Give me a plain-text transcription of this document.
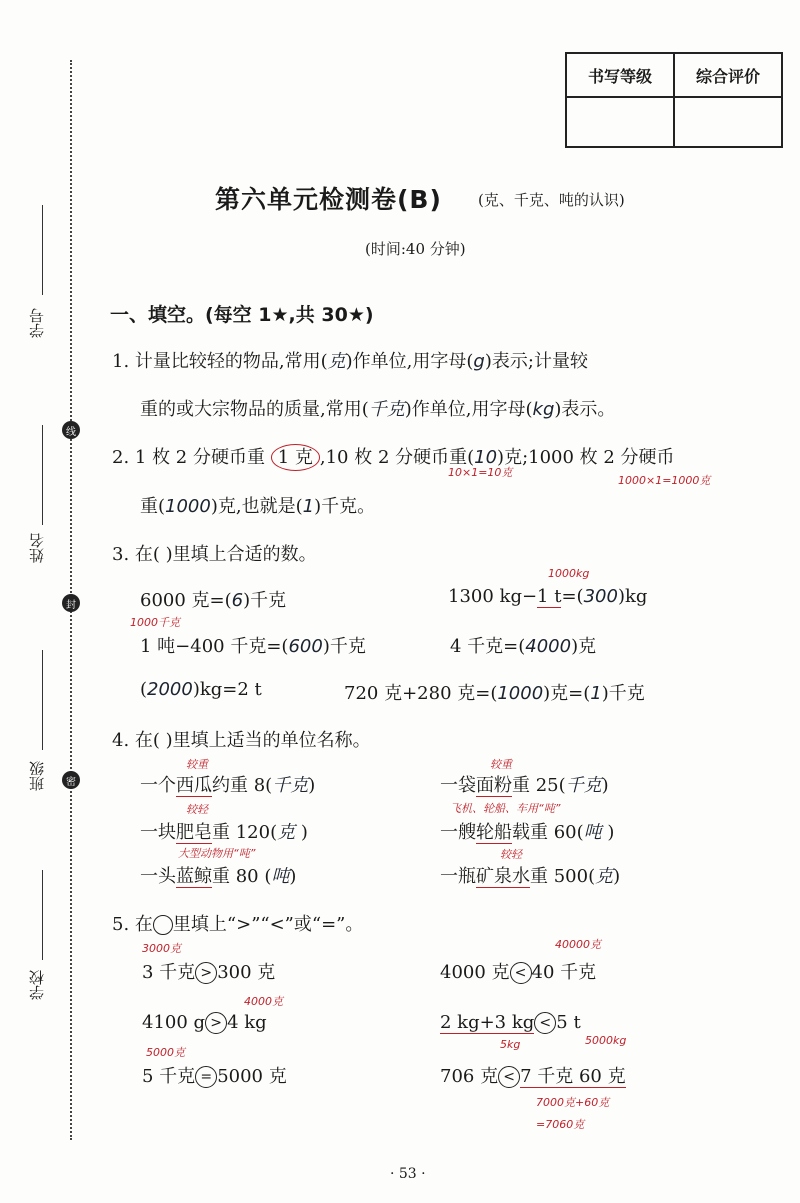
学号
姓名
班级
学校
线
封
密
书写等级	综合评价

第六单元检测卷(B) (克、千克、吨的认识)
(时间:40 分钟)
一、填空。(每空 1★,共 30★)
1. 计量比较轻的物品,常用(克)作单位,用字母(g)表示;计量较
重的或大宗物品的质量,常用(千克)作单位,用字母(kg)表示。
2. 1 枚 2 分硬币重 1 克 ,10 枚 2 分硬币重(10)克;1000 枚 2 分硬币
10×1=10克
1000×1=1000克
重(1000)克,也就是(1)千克。
3. 在( )里填上合适的数。
6000 克=(6)千克
1000kg
1300 kg−1 t=(300)kg
1000千克
1 吨−400 千克=(600)千克	4 千克=(4000)克
(2000)kg=2 t	720 克+280 克=(1000)克=(1)千克
4. 在( )里填上适当的单位名称。
较重
一个西瓜约重 8(千克)
较重
一袋面粉重 25(千克)
较轻
一块肥皂重 120(克 )
飞机、轮船、车用“吨”
一艘轮船载重 60(吨 )
大型动物用“吨”
一头蓝鲸重 80 (吨)
较轻
一瓶矿泉水重 500(克)
5. 在 里填上“>”“<”或“=”。
3000克
3 千克 > 300 克
40000克
4000 克 < 40 千克
4000克
4100 g > 4 kg	2 kg+3 kg < 5 t
5kg	5000kg
5000克
5 千克 = 5000 克	706 克 < 7 千克 60 克
7000克+60克
=7060克
· 53 ·
